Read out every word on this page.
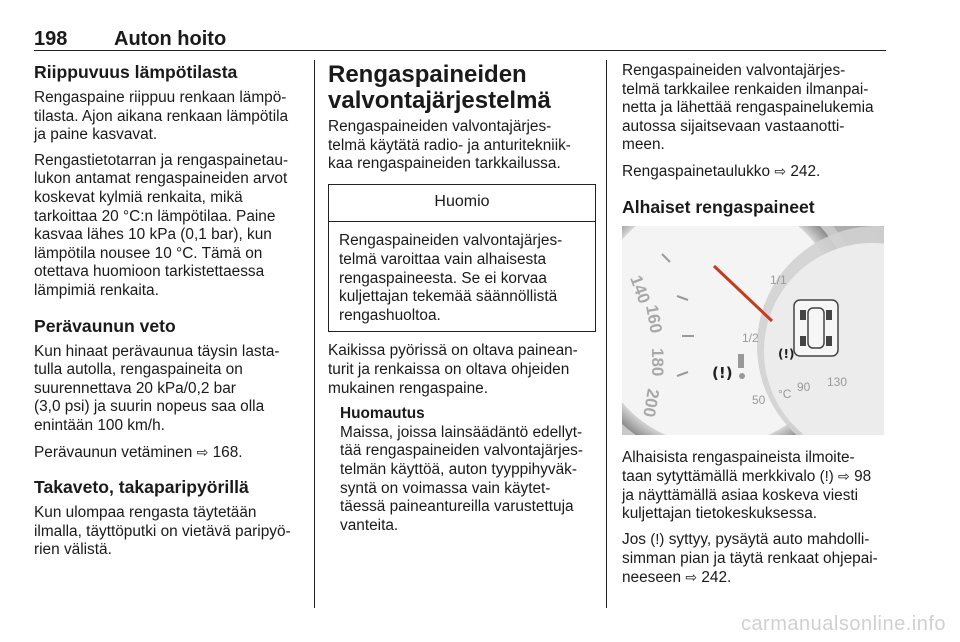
198 Auton hoito
Riippuvuus lämpötilasta

Rengaspaine riippuu renkaan lämpö-
tilasta. Ajon aikana renkaan lämpötila
ja paine kasvavat.

Rengastietotarran ja rengaspainetau-
lukon antamat rengaspaineiden arvot
koskevat kylmiä renkaita, mikä
tarkoittaa 20 °C:n lämpötilaa. Paine
kasvaa lähes 10 kPa (0,1 bar), kun
lämpötila nousee 10 °C. Tämä on
otettava huomioon tarkistettaessa
lämpimiä renkaita.

Perävaunun veto

Kun hinaat perävaunua täysin lasta-
tulla autolla, rengaspaineita on
suurennettava 20 kPa/0,2 bar
(3,0 psi) ja suurin nopeus saa olla
enintään 100 km/h.

Perävaunun vetäminen ⇨ 168.

Takaveto, takaparipyörillä

Kun ulompaa rengasta täytetään
ilmalla, täyttöputki on vietävä paripyö-
rien välistä.

Rengaspaineiden
valvontajärjestelmä

Rengaspaineiden valvontajärjes-
telmä käytätä radio- ja anturitekniik-
kaa rengaspaineiden tarkkailussa.

Huomio
Rengaspaineiden valvontajärjes-
telmä varoittaa vain alhaisesta
rengaspaineesta. Se ei korvaa
kuljettajan tekemää säännöllistä
rengashuoltoa.

Kaikissa pyörissä on oltava painean-
turit ja renkaissa on oltava ohjeiden
mukainen rengaspaine.

Huomautus
Maissa, joissa lainsäädäntö edellyt-
tää rengaspaineiden valvontajärjes-
telmän käyttöä, auton tyyppihyväk-
syntä on voimassa vain käytet-
täessä paineantureilla varustettuja
vanteita.

Rengaspaineiden valvontajärjes-
telmä tarkkailee renkaiden ilmanpai-
netta ja lähettää rengaspainelukemia
autossa sijaitsevaan vastaanotti-
meen.

Rengaspainetaulukko ⇨ 242.

Alhaiset rengaspaineet
140
160
180
200
1/1
1/2
50 °C 90 130
(!)
(!)

Alhaisista rengaspaineista ilmoite-
taan sytyttämällä merkkivalo (!) ⇨ 98
ja näyttämällä asiaa koskeva viesti
kuljettajan tietokeskuksessa.

Jos (!) syttyy, pysäytä auto mahdolli-
simman pian ja täytä renkaat ohjepai-
neeseen ⇨ 242.

carmanualsonline.info
